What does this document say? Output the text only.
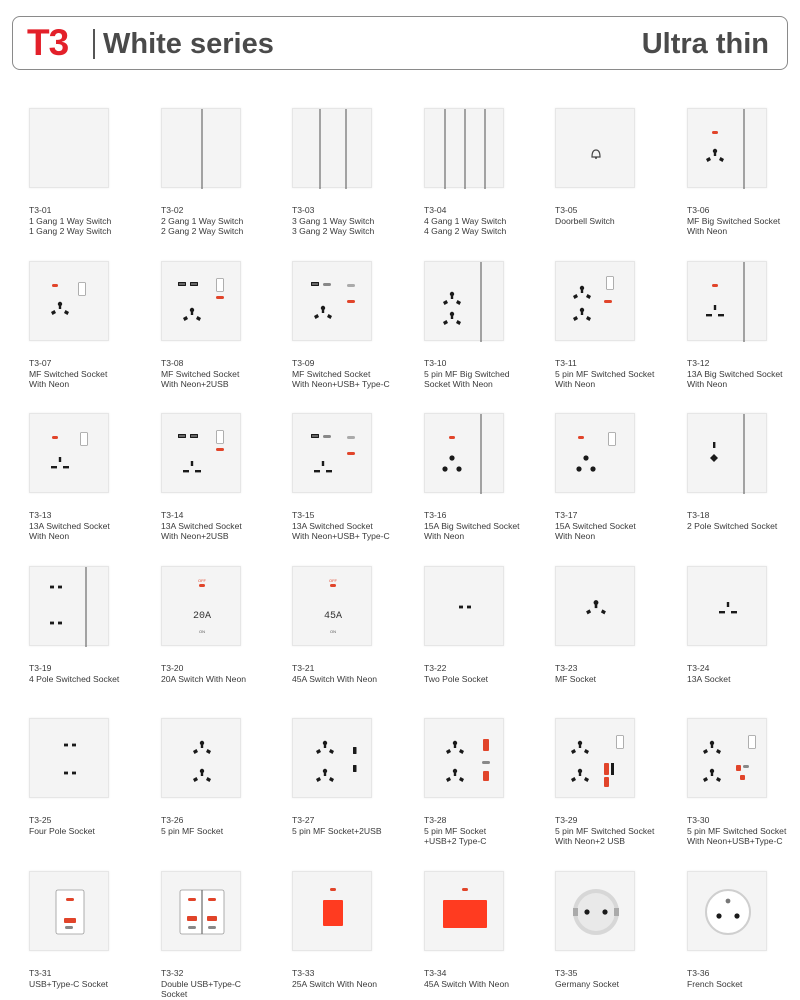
T3 White series	Ultra thin
T3-01
1 Gang 1 Way Switch
1 Gang 2 Way Switch
T3-02
2 Gang 1 Way Switch
2 Gang 2 Way Switch
T3-03
3 Gang 1 Way Switch
3 Gang 2 Way Switch
T3-04
4 Gang 1 Way Switch
4 Gang 2 Way Switch
T3-05
Doorbell Switch
T3-06
MF Big Switched Socket
With Neon
T3-07
MF Switched Socket
With Neon
T3-08
MF Switched Socket
With Neon+2USB
T3-09
MF Switched Socket
With Neon+USB+ Type-C
T3-10
5 pin MF Big Switched
Socket With Neon
T3-11
5 pin MF Switched Socket
With Neon
T3-12
13A Big Switched Socket
With Neon
T3-13
13A Switched Socket
With Neon
T3-14
13A Switched Socket
With Neon+2USB
T3-15
13A Switched Socket
With Neon+USB+ Type-C
T3-16
15A Big Switched Socket
With Neon
T3-17
15A Switched Socket
With Neon
T3-18
2 Pole Switched Socket
T3-19
4 Pole Switched Socket
OFF
20A
ON
T3-20
20A Switch With Neon
OFF
45A
ON
T3-21
45A Switch With Neon
T3-22
Two Pole Socket
T3-23
MF Socket
T3-24
13A Socket
T3-25
Four Pole Socket
T3-26
5 pin MF Socket
T3-27
5 pin MF Socket+2USB
T3-28
5 pin MF Socket
+USB+2 Type-C
T3-29
5 pin MF Switched Socket
With Neon+2 USB
T3-30
5 pin MF Switched Socket
With Neon+USB+Type-C
T3-31
USB+Type-C Socket
T3-32
Double USB+Type-C
Socket
T3-33
25A Switch With Neon
T3-34
45A Switch With Neon
T3-35
Germany Socket
T3-36
French Socket
